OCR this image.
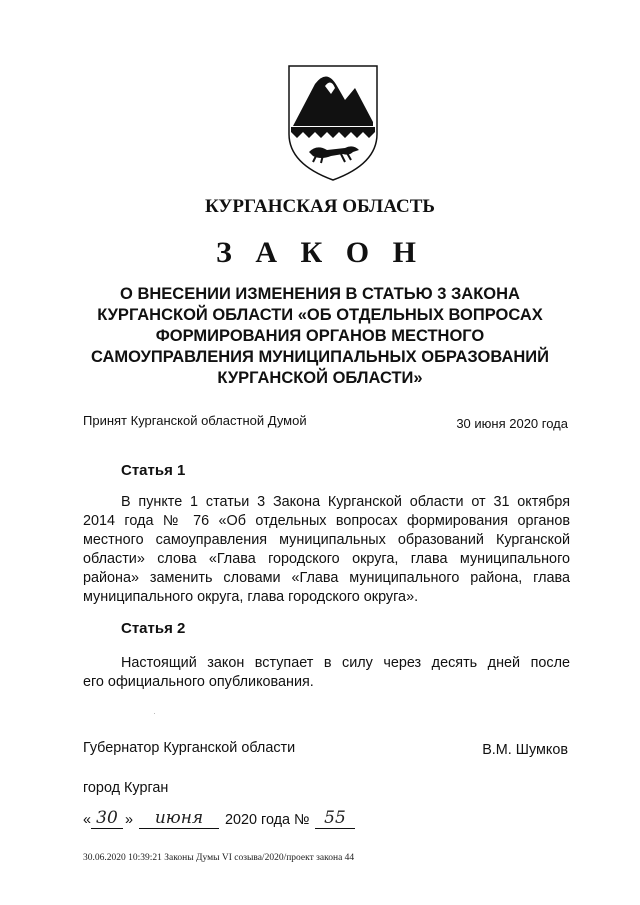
КУРГАНСКАЯ ОБЛАСТЬ
З А К О Н

О ВНЕСЕНИИ ИЗМЕНЕНИЯ В СТАТЬЮ 3 ЗАКОНА
КУРГАНСКОЙ ОБЛАСТИ «ОБ ОТДЕЛЬНЫХ ВОПРОСАХ
ФОРМИРОВАНИЯ ОРГАНОВ МЕСТНОГО
САМОУПРАВЛЕНИЯ МУНИЦИПАЛЬНЫХ ОБРАЗОВАНИЙ
КУРГАНСКОЙ ОБЛАСТИ»

Принят Курганской областной Думой	30 июня 2020 года
Статья 1

В пункте 1 статьи 3 Закона Курганской области от 31 октября
2014 года № 76 «Об отдельных вопросах формирования органов
местного самоуправления муниципальных образований Курганской
области» слова «Глава городского округа, глава муниципального
района» заменить словами «Глава муниципального района, глава
муниципального округа, глава городского округа».

Статья 2

Настоящий закон вступает в силу через десять дней после
его официального опубликования.

Губернатор Курганской области	В.М. Шумков
город Курган
« 30 »	июня	2020 года № 55
30.06.2020 10:39:21 Законы Думы VI созыва/2020/проект закона 44
